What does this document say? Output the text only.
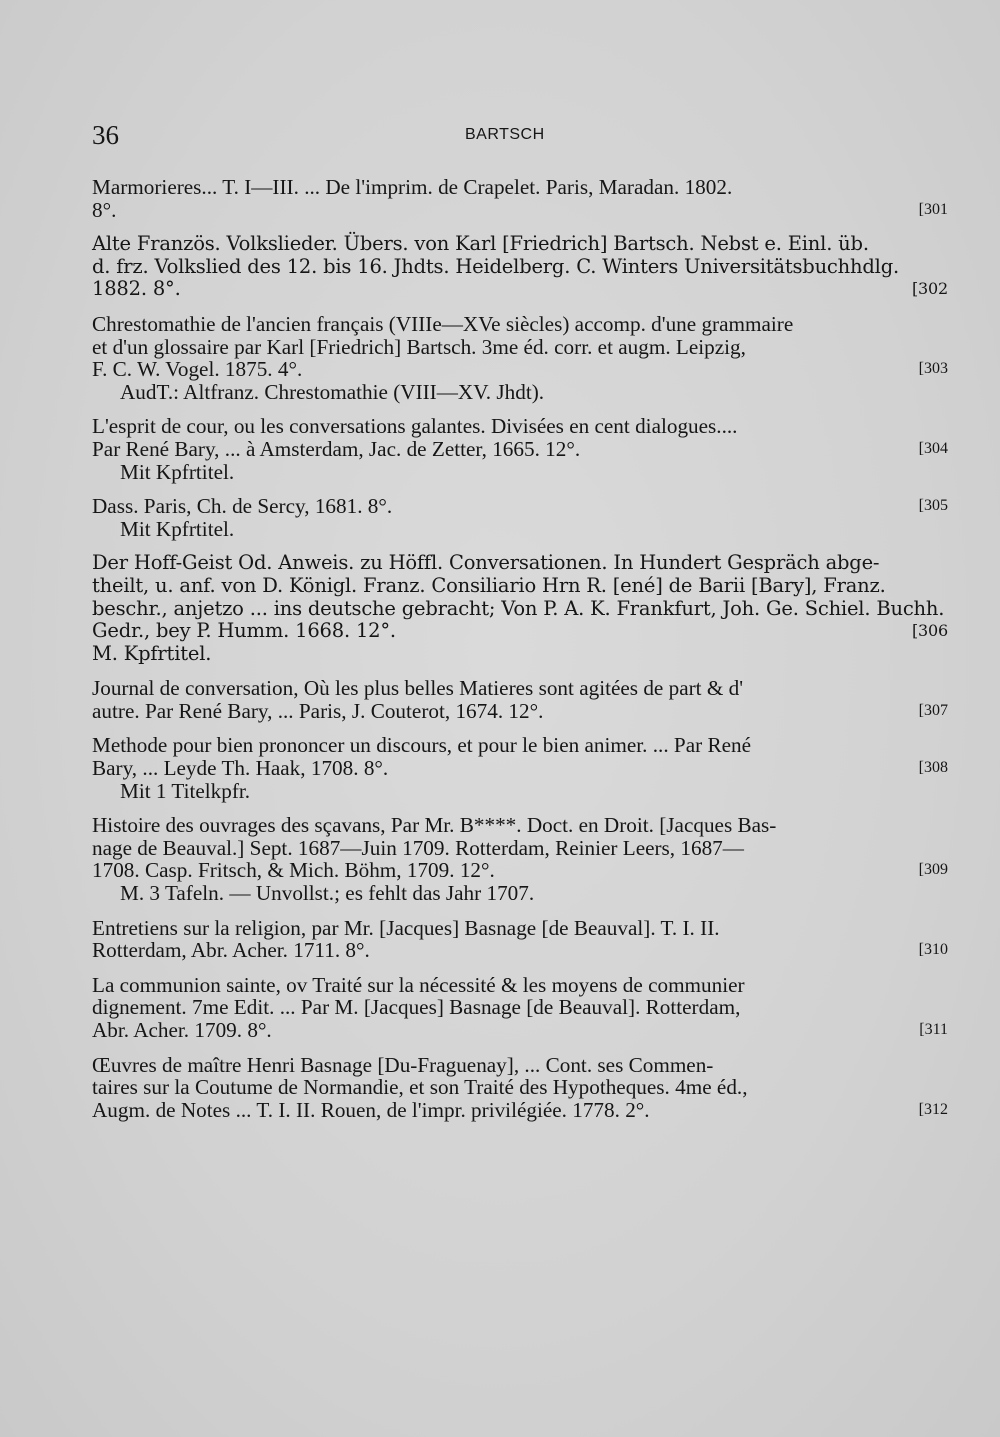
36	BARTSCH
Marmorieres... T. I—III. ... De l'imprim. de Crapelet. Paris, Maradan. 1802.
8°.	[301
Alte Französ. Volkslieder. Übers. von Karl [Friedrich] Bartsch. Nebst e. Einl. üb.
d. frz. Volkslied des 12. bis 16. Jhdts. Heidelberg. C. Winters Universitätsbuchhdlg.
1882. 8°.	[302
Chrestomathie de l'ancien français (VIIIe—XVe siècles) accomp. d'une grammaire
et d'un glossaire par Karl [Friedrich] Bartsch. 3me éd. corr. et augm. Leipzig,
F. C. W. Vogel. 1875. 4°.	[303
AudT.: Altfranz. Chrestomathie (VIII—XV. Jhdt).
L'esprit de cour, ou les conversations galantes. Divisées en cent dialogues....
Par René Bary, ... à Amsterdam, Jac. de Zetter, 1665. 12°.	[304
Mit Kpfrtitel.
Dass. Paris, Ch. de Sercy, 1681. 8°.	[305
Mit Kpfrtitel.
Der Hoff-Geist Od. Anweis. zu Höffl. Conversationen. In Hundert Gespräch abge-
theilt, u. anf. von D. Königl. Franz. Consiliario Hrn R. [ené] de Barii [Bary], Franz.
beschr., anjetzo ... ins deutsche gebracht; Von P. A. K. Frankfurt, Joh. Ge. Schiel. Buchh.
Gedr., bey P. Humm. 1668. 12°.	[306
M. Kpfrtitel.
Journal de conversation, Où les plus belles Matieres sont agitées de part & d'
autre. Par René Bary, ... Paris, J. Couterot, 1674. 12°.	[307
Methode pour bien prononcer un discours, et pour le bien animer. ... Par René
Bary, ... Leyde Th. Haak, 1708. 8°.	[308
Mit 1 Titelkpfr.
Histoire des ouvrages des sçavans, Par Mr. B****. Doct. en Droit. [Jacques Bas-
nage de Beauval.] Sept. 1687—Juin 1709. Rotterdam, Reinier Leers, 1687—
1708. Casp. Fritsch, & Mich. Böhm, 1709. 12°.	[309
M. 3 Tafeln. — Unvollst.; es fehlt das Jahr 1707.
Entretiens sur la religion, par Mr. [Jacques] Basnage [de Beauval]. T. I. II.
Rotterdam, Abr. Acher. 1711. 8°.	[310
La communion sainte, ov Traité sur la nécessité & les moyens de communier
dignement. 7me Edit. ... Par M. [Jacques] Basnage [de Beauval]. Rotterdam,
Abr. Acher. 1709. 8°.	[311
Œuvres de maître Henri Basnage [Du-Fraguenay], ... Cont. ses Commen-
taires sur la Coutume de Normandie, et son Traité des Hypotheques. 4me éd.,
Augm. de Notes ... T. I. II. Rouen, de l'impr. privilégiée. 1778. 2°.	[312
